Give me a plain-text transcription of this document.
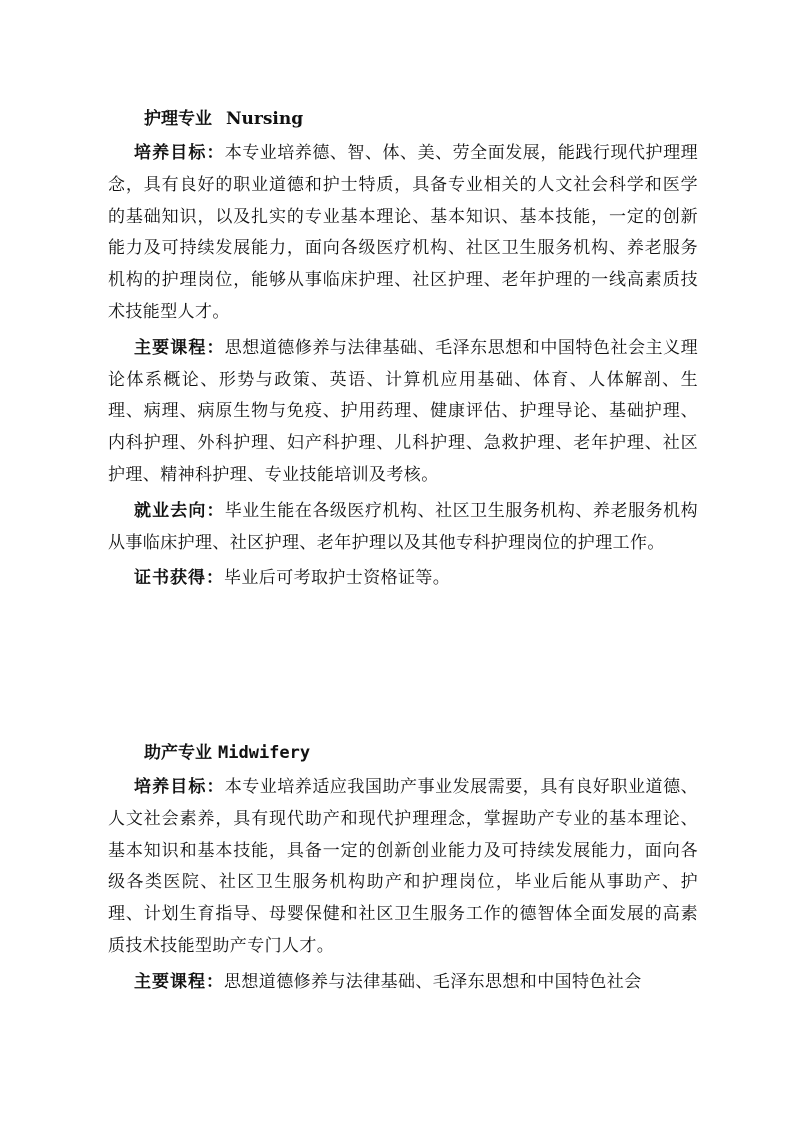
护理专业 Nursing

培养目标：本专业培养德、智、体、美、劳全面发展，能践行现代护理理念，具有良好的职业道德和护士特质，具备专业相关的人文社会科学和医学的基础知识，以及扎实的专业基本理论、基本知识、基本技能，一定的创新能力及可持续发展能力，面向各级医疗机构、社区卫生服务机构、养老服务机构的护理岗位，能够从事临床护理、社区护理、老年护理的一线高素质技术技能型人才。

主要课程：思想道德修养与法律基础、毛泽东思想和中国特色社会主义理论体系概论、形势与政策、英语、计算机应用基础、体育、人体解剖、生理、病理、病原生物与免疫、护用药理、健康评估、护理导论、基础护理、内科护理、外科护理、妇产科护理、儿科护理、急救护理、老年护理、社区护理、精神科护理、专业技能培训及考核。

就业去向：毕业生能在各级医疗机构、社区卫生服务机构、养老服务机构从事临床护理、社区护理、老年护理以及其他专科护理岗位的护理工作。

证书获得：毕业后可考取护士资格证等。

助产专业 Midwifery

培养目标：本专业培养适应我国助产事业发展需要，具有良好职业道德、人文社会素养，具有现代助产和现代护理理念，掌握助产专业的基本理论、基本知识和基本技能，具备一定的创新创业能力及可持续发展能力，面向各级各类医院、社区卫生服务机构助产和护理岗位，毕业后能从事助产、护理、计划生育指导、母婴保健和社区卫生服务工作的德智体全面发展的高素质技术技能型助产专门人才。

主要课程：思想道德修养与法律基础、毛泽东思想和中国特色社会
